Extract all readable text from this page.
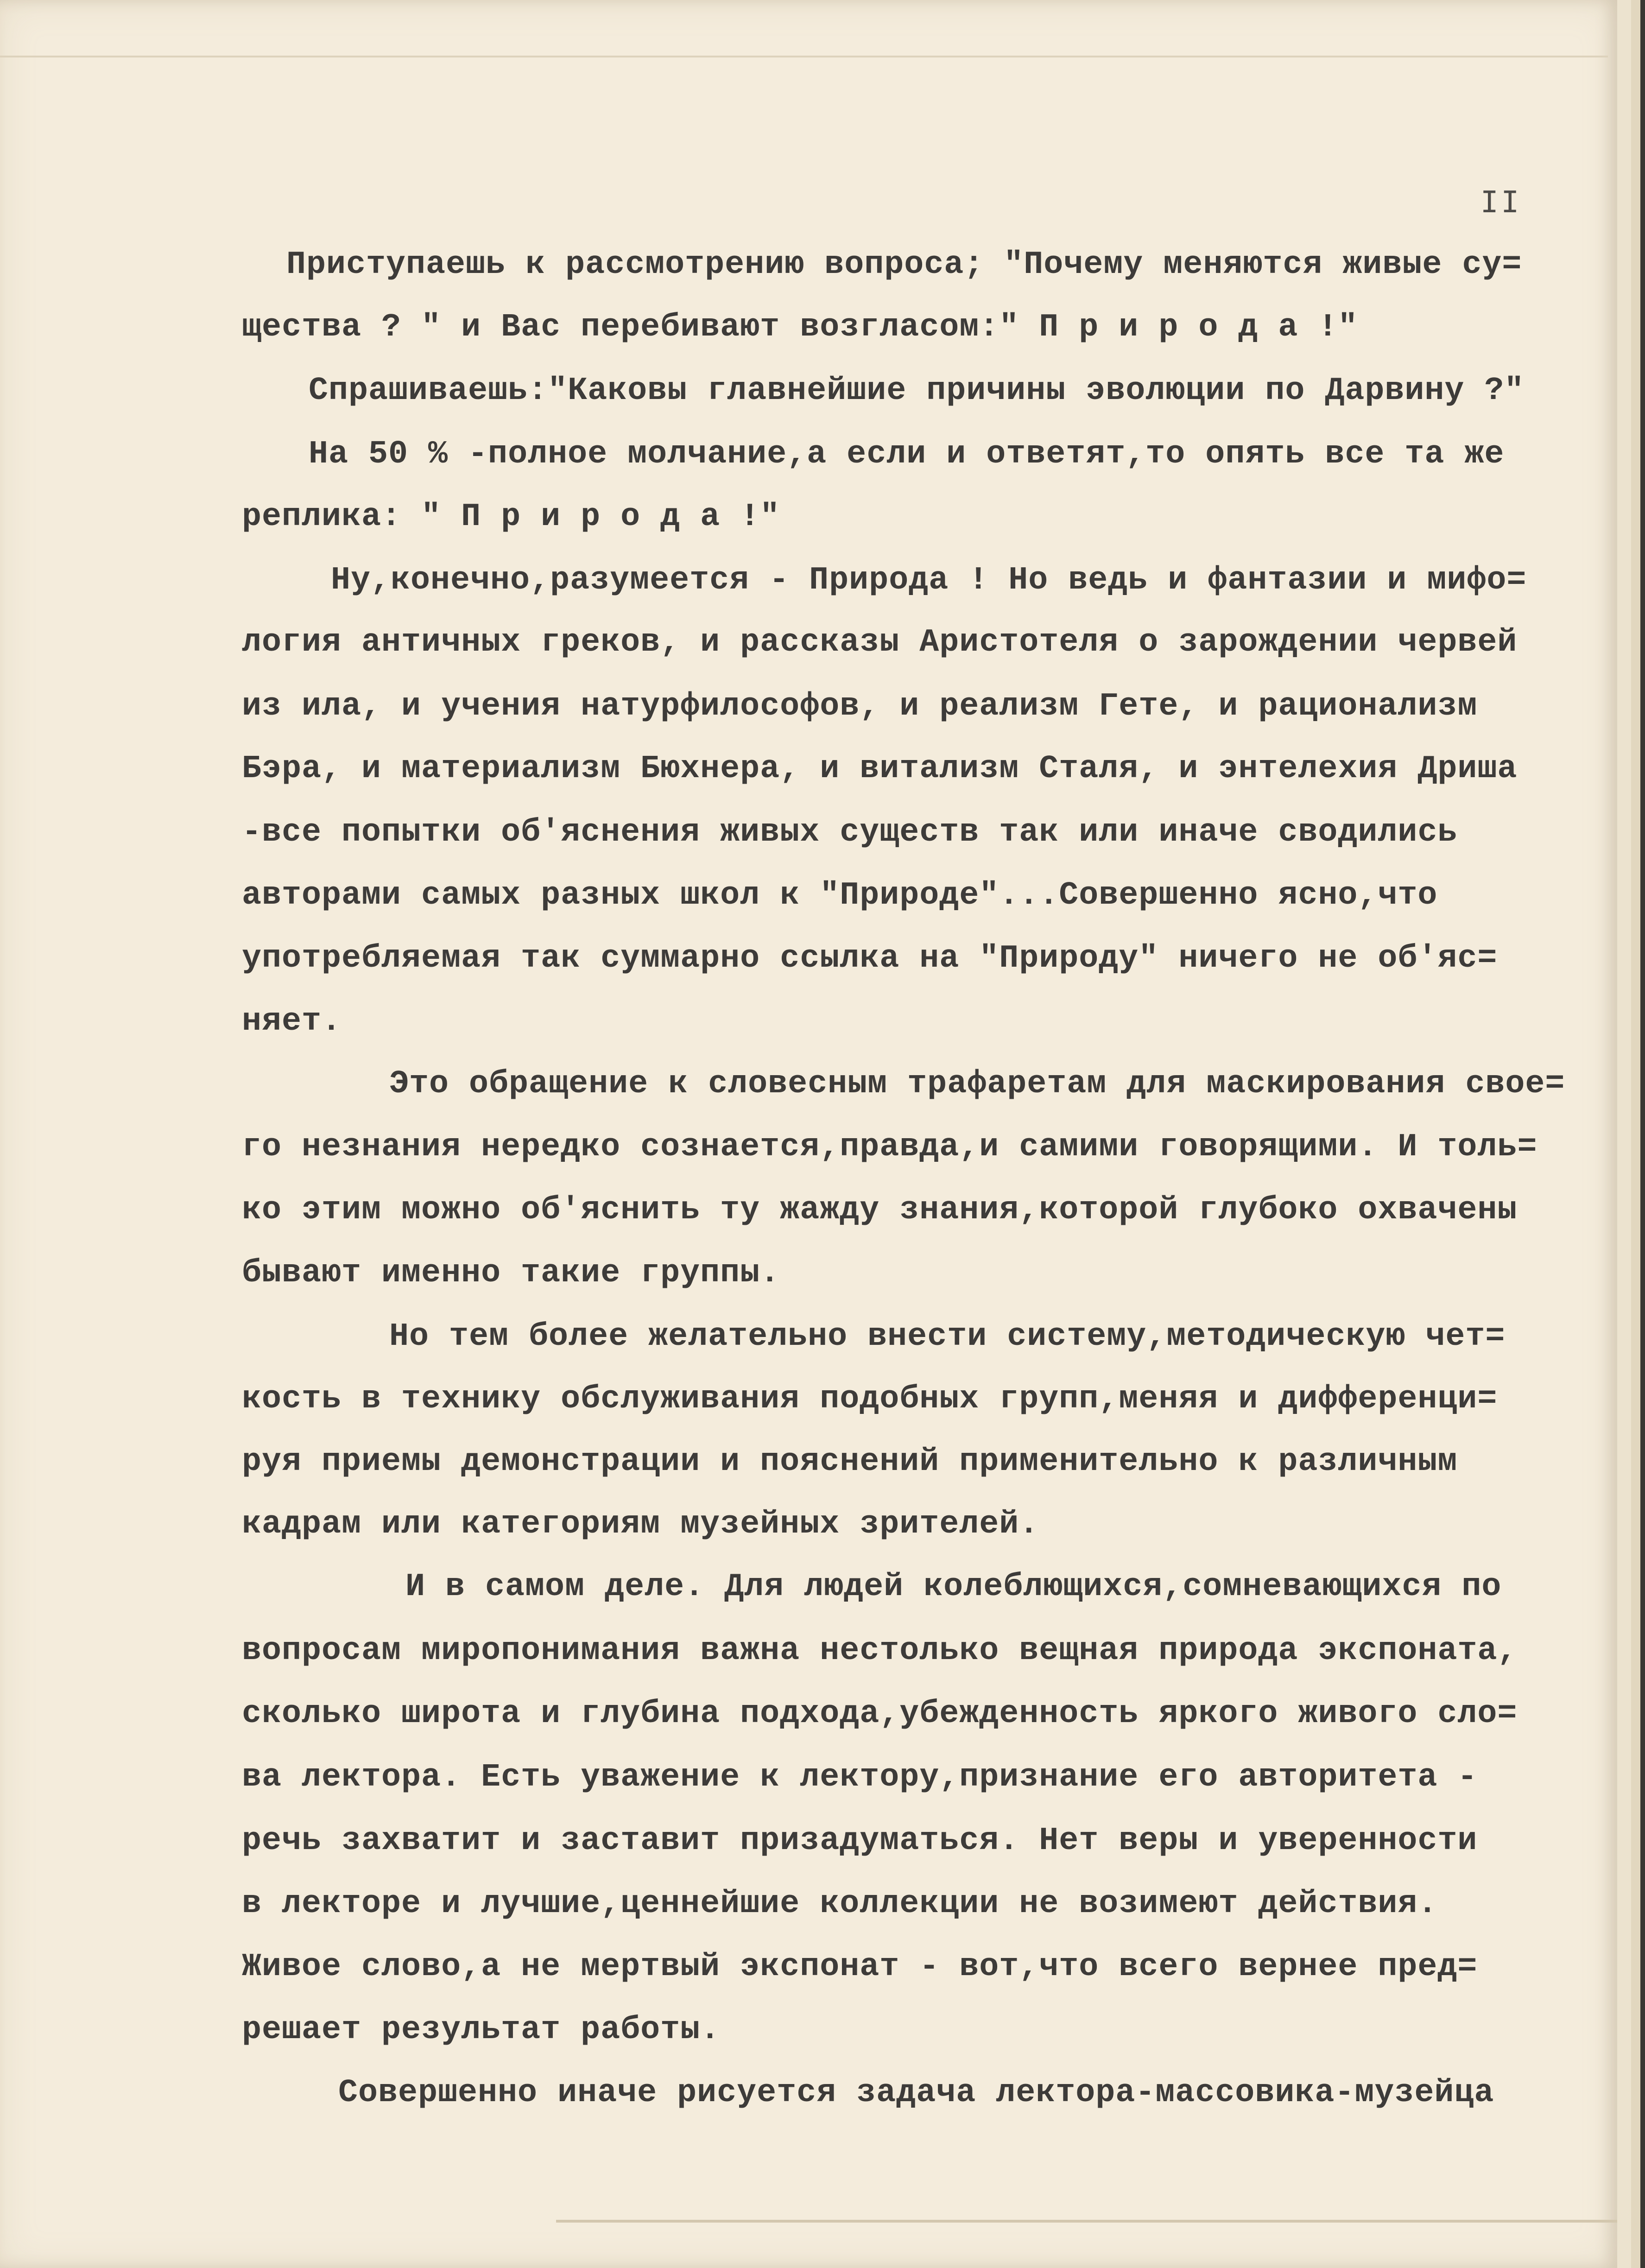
II
Приступаешь к рассмотрению вопроса; "Почему меняются живые су=
щества ? " и Вас перебивают возгласом:" П р и р о д а !"
Спрашиваешь:"Каковы главнейшие причины эволюции по Дарвину ?"
На 50 % -полное молчание,а если и ответят,то опять все та же
реплика: " П р и р о д а !"
Ну,конечно,разумеется - Природа ! Но ведь и фантазии и мифо=
логия античных греков, и рассказы Аристотеля о зарождении червей
из ила, и учения натурфилософов, и реализм Гете, и рационализм
Бэра, и материализм Бюхнера, и витализм Сталя, и энтелехия Дриша
-все попытки об'яснения живых существ так или иначе сводились
авторами самых разных школ к "Природе"...Совершенно ясно,что
употребляемая так суммарно ссылка на "Природу" ничего не об'яс=
няет.
Это обращение к словесным трафаретам для маскирования свое=
го незнания нередко сознается,правда,и самими говорящими. И толь=
ко этим можно об'яснить ту жажду знания,которой глубоко охвачены
бывают именно такие группы.
Но тем более желательно внести систему,методическую чет=
кость в технику обслуживания подобных групп,меняя и дифференци=
руя приемы демонстрации и пояснений применительно к различным
кадрам или категориям музейных зрителей.
И в самом деле. Для людей колеблющихся,сомневающихся по
вопросам миропонимания важна нестолько вещная природа экспоната,
сколько широта и глубина подхода,убежденность яркого живого сло=
ва лектора. Есть уважение к лектору,признание его авторитета -
речь захватит и заставит призадуматься. Нет веры и уверенности
в лекторе и лучшие,ценнейшие коллекции не возимеют действия.
Живое слово,а не мертвый экспонат - вот,что всего вернее пред=
решает результат работы.
Совершенно иначе рисуется задача лектора-массовика-музейца
